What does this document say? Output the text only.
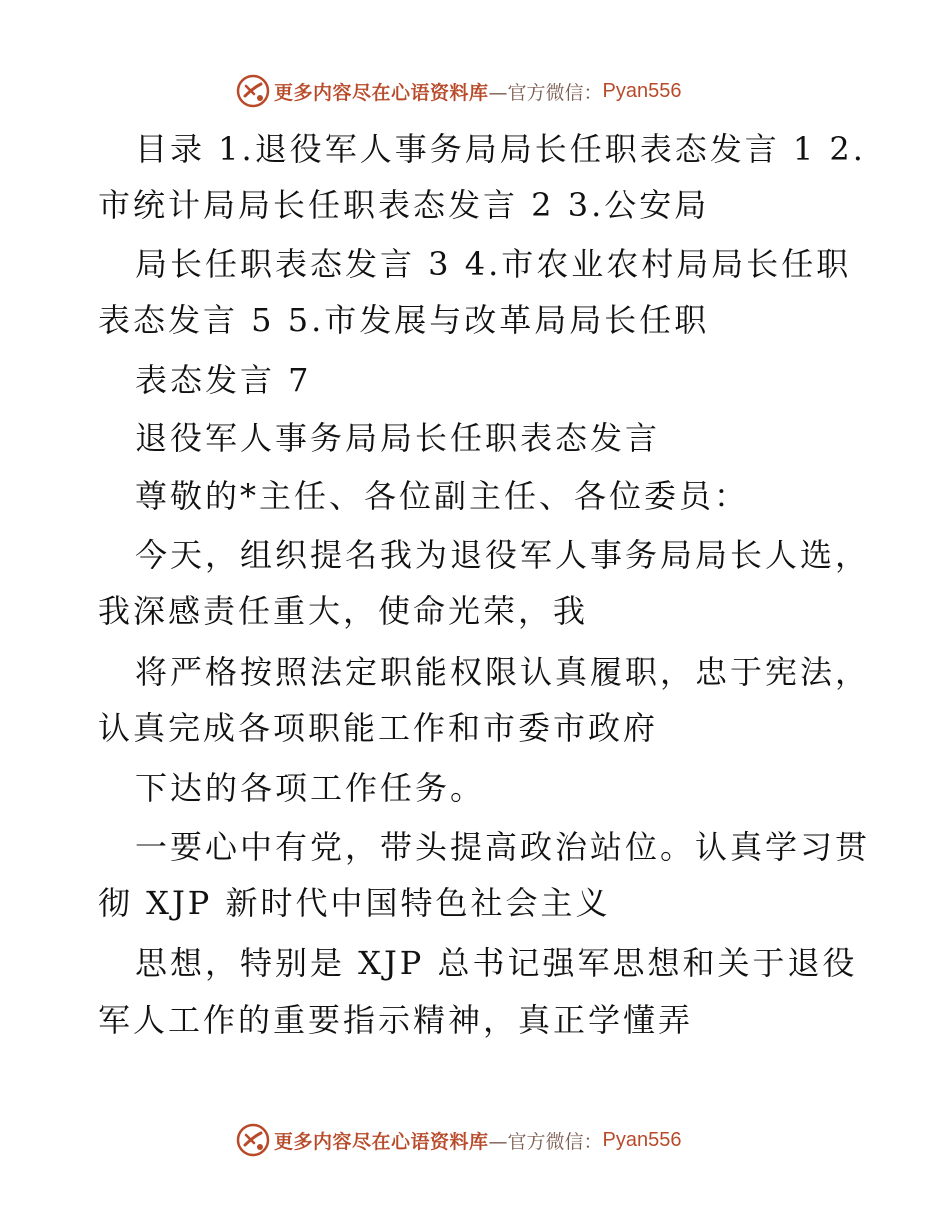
更多内容尽在心语资料库 —官方微信： Pyan556
目录 1.退役军人事务局局长任职表态发言 1 2.
市统计局局长任职表态发言 2 3.公安局
局长任职表态发言 3 4.市农业农村局局长任职
表态发言 5 5.市发展与改革局局长任职
表态发言 7
退役军人事务局局长任职表态发言
尊敬的*主任、各位副主任、各位委员：
今天，组织提名我为退役军人事务局局长人选，
我深感责任重大，使命光荣，我
将严格按照法定职能权限认真履职，忠于宪法，
认真完成各项职能工作和市委市政府
下达的各项工作任务。
一要心中有党，带头提高政治站位。认真学习贯
彻 XJP 新时代中国特色社会主义
思想，特别是 XJP 总书记强军思想和关于退役
军人工作的重要指示精神，真正学懂弄
更多内容尽在心语资料库 —官方微信： Pyan556
